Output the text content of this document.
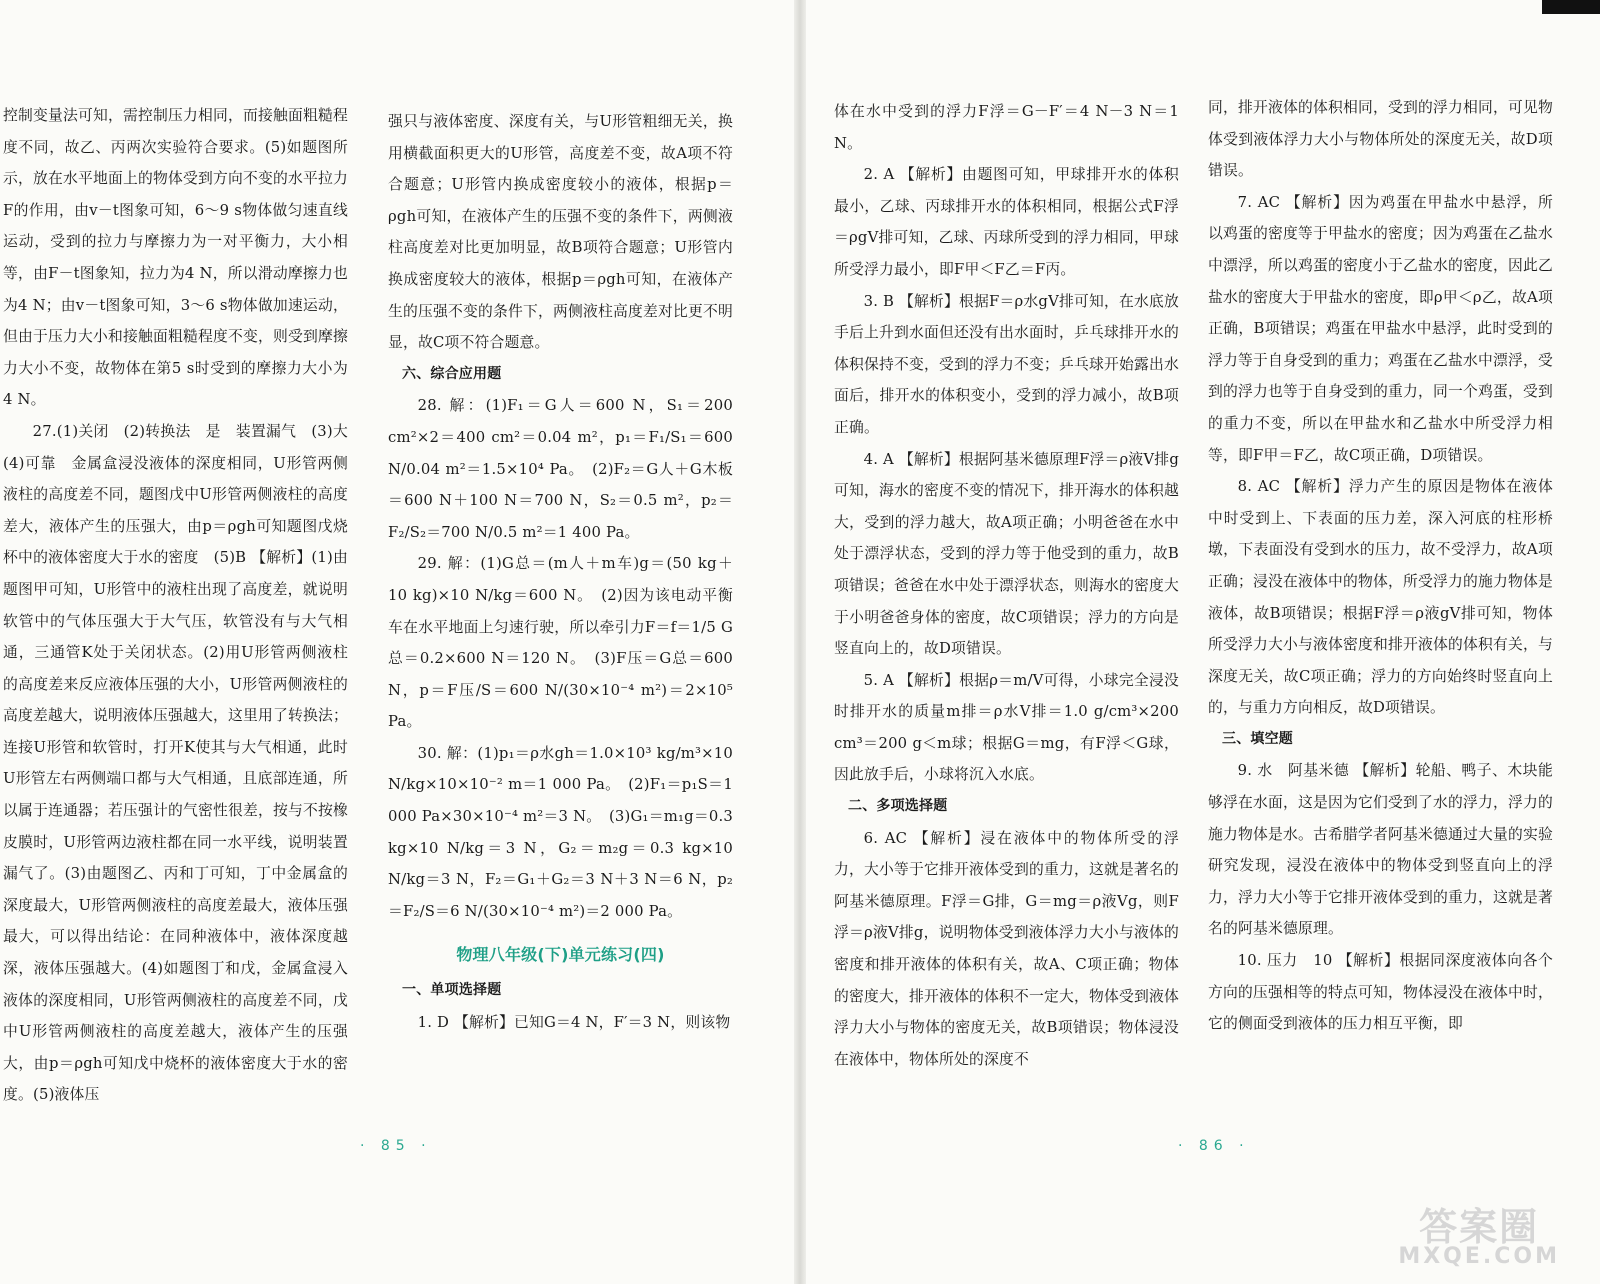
控制变量法可知，需控制压力相同，而接触面粗糙程度不同，故乙、丙两次实验符合要求。(5)如题图所示，放在水平地面上的物体受到方向不变的水平拉力F的作用，由v－t图象可知，6～9 s物体做匀速直线运动，受到的拉力与摩擦力为一对平衡力，大小相等，由F－t图象知，拉力为4 N，所以滑动摩擦力也为4 N；由v－t图象可知，3～6 s物体做加速运动，但由于压力大小和接触面粗糙程度不变，则受到摩擦力大小不变，故物体在第5 s时受到的摩擦力大小为4 N。

27.(1)关闭　(2)转换法　是　装置漏气　(3)大　(4)可靠　金属盒浸没液体的深度相同，U形管两侧液柱的高度差不同，题图戊中U形管两侧液柱的高度差大，液体产生的压强大，由p＝ρgh可知题图戊烧杯中的液体密度大于水的密度　(5)B 【解析】(1)由题图甲可知，U形管中的液柱出现了高度差，就说明软管中的气体压强大于大气压，软管没有与大气相通，三通管K处于关闭状态。(2)用U形管两侧液柱的高度差来反应液体压强的大小，U形管两侧液柱的高度差越大，说明液体压强越大，这里用了转换法；连接U形管和软管时，打开K使其与大气相通，此时U形管左右两侧端口都与大气相通，且底部连通，所以属于连通器；若压强计的气密性很差，按与不按橡皮膜时，U形管两边液柱都在同一水平线，说明装置漏气了。(3)由题图乙、丙和丁可知，丁中金属盒的深度最大，U形管两侧液柱的高度差最大，液体压强最大，可以得出结论：在同种液体中，液体深度越深，液体压强越大。(4)如题图丁和戊，金属盒浸入液体的深度相同，U形管两侧液柱的高度差不同，戊中U形管两侧液柱的高度差越大，液体产生的压强大，由p＝ρgh可知戊中烧杯的液体密度大于水的密度。(5)液体压

强只与液体密度、深度有关，与U形管粗细无关，换用横截面积更大的U形管，高度差不变，故A项不符合题意；U形管内换成密度较小的液体，根据p＝ρgh可知，在液体产生的压强不变的条件下，两侧液柱高度差对比更加明显，故B项符合题意；U形管内换成密度较大的液体，根据p＝ρgh可知，在液体产生的压强不变的条件下，两侧液柱高度差对比更不明显，故C项不符合题意。

六、综合应用题

28. 解：(1)F₁＝G人＝600 N，S₁＝200 cm²×2＝400 cm²＝0.04 m²，p₁＝F₁/S₁＝600 N/0.04 m²＝1.5×10⁴ Pa。　(2)F₂＝G人＋G木板＝600 N＋100 N＝700 N，S₂＝0.5 m²，p₂＝F₂/S₂＝700 N/0.5 m²＝1 400 Pa。

29. 解：(1)G总＝(m人＋m车)g＝(50 kg＋10 kg)×10 N/kg＝600 N。　(2)因为该电动平衡车在水平地面上匀速行驶，所以牵引力F＝f＝1/5 G总＝0.2×600 N＝120 N。　(3)F压＝G总＝600 N，p＝F压/S＝600 N/(30×10⁻⁴ m²)＝2×10⁵ Pa。

30. 解：(1)p₁＝ρ水gh＝1.0×10³ kg/m³×10 N/kg×10×10⁻² m＝1 000 Pa。　(2)F₁＝p₁S＝1 000 Pa×30×10⁻⁴ m²＝3 N。　(3)G₁＝m₁g＝0.3 kg×10 N/kg＝3 N，G₂＝m₂g＝0.3 kg×10 N/kg＝3 N，F₂＝G₁＋G₂＝3 N＋3 N＝6 N，p₂＝F₂/S＝6 N/(30×10⁻⁴ m²)＝2 000 Pa。

物理八年级(下)单元练习(四)

一、单项选择题

1. D 【解析】已知G＝4 N，F′＝3 N，则该物

· 85 ·

体在水中受到的浮力F浮＝G－F′＝4 N－3 N＝1 N。

2. A 【解析】由题图可知，甲球排开水的体积最小，乙球、丙球排开水的体积相同，根据公式F浮＝ρgV排可知，乙球、丙球所受到的浮力相同，甲球所受浮力最小，即F甲＜F乙＝F丙。

3. B 【解析】根据F＝ρ水gV排可知，在水底放手后上升到水面但还没有出水面时，乒乓球排开水的体积保持不变，受到的浮力不变；乒乓球开始露出水面后，排开水的体积变小，受到的浮力减小，故B项正确。

4. A 【解析】根据阿基米德原理F浮＝ρ液V排g可知，海水的密度不变的情况下，排开海水的体积越大，受到的浮力越大，故A项正确；小明爸爸在水中处于漂浮状态，受到的浮力等于他受到的重力，故B项错误；爸爸在水中处于漂浮状态，则海水的密度大于小明爸爸身体的密度，故C项错误；浮力的方向是竖直向上的，故D项错误。

5. A 【解析】根据ρ＝m/V可得，小球完全浸没时排开水的质量m排＝ρ水V排＝1.0 g/cm³×200 cm³＝200 g＜m球；根据G＝mg，有F浮＜G球，因此放手后，小球将沉入水底。

二、多项选择题

6. AC 【解析】浸在液体中的物体所受的浮力，大小等于它排开液体受到的重力，这就是著名的阿基米德原理。F浮＝G排，G＝mg＝ρ液Vg，则F浮＝ρ液V排g，说明物体受到液体浮力大小与液体的密度和排开液体的体积有关，故A、C项正确；物体的密度大，排开液体的体积不一定大，物体受到液体浮力大小与物体的密度无关，故B项错误；物体浸没在液体中，物体所处的深度不

同，排开液体的体积相同，受到的浮力相同，可见物体受到液体浮力大小与物体所处的深度无关，故D项错误。

7. AC 【解析】因为鸡蛋在甲盐水中悬浮，所以鸡蛋的密度等于甲盐水的密度；因为鸡蛋在乙盐水中漂浮，所以鸡蛋的密度小于乙盐水的密度，因此乙盐水的密度大于甲盐水的密度，即ρ甲＜ρ乙，故A项正确，B项错误；鸡蛋在甲盐水中悬浮，此时受到的浮力等于自身受到的重力；鸡蛋在乙盐水中漂浮，受到的浮力也等于自身受到的重力，同一个鸡蛋，受到的重力不变，所以在甲盐水和乙盐水中所受浮力相等，即F甲＝F乙，故C项正确，D项错误。

8. AC 【解析】浮力产生的原因是物体在液体中时受到上、下表面的压力差，深入河底的柱形桥墩，下表面没有受到水的压力，故不受浮力，故A项正确；浸没在液体中的物体，所受浮力的施力物体是液体，故B项错误；根据F浮＝ρ液gV排可知，物体所受浮力大小与液体密度和排开液体的体积有关，与深度无关，故C项正确；浮力的方向始终时竖直向上的，与重力方向相反，故D项错误。

三、填空题

9. 水　阿基米德 【解析】轮船、鸭子、木块能够浮在水面，这是因为它们受到了水的浮力，浮力的施力物体是水。古希腊学者阿基米德通过大量的实验研究发现，浸没在液体中的物体受到竖直向上的浮力，浮力大小等于它排开液体受到的重力，这就是著名的阿基米德原理。

10. 压力　10 【解析】根据同深度液体向各个方向的压强相等的特点可知，物体浸没在液体中时，它的侧面受到液体的压力相互平衡，即

· 86 ·
答案圈
MXQE.COM
